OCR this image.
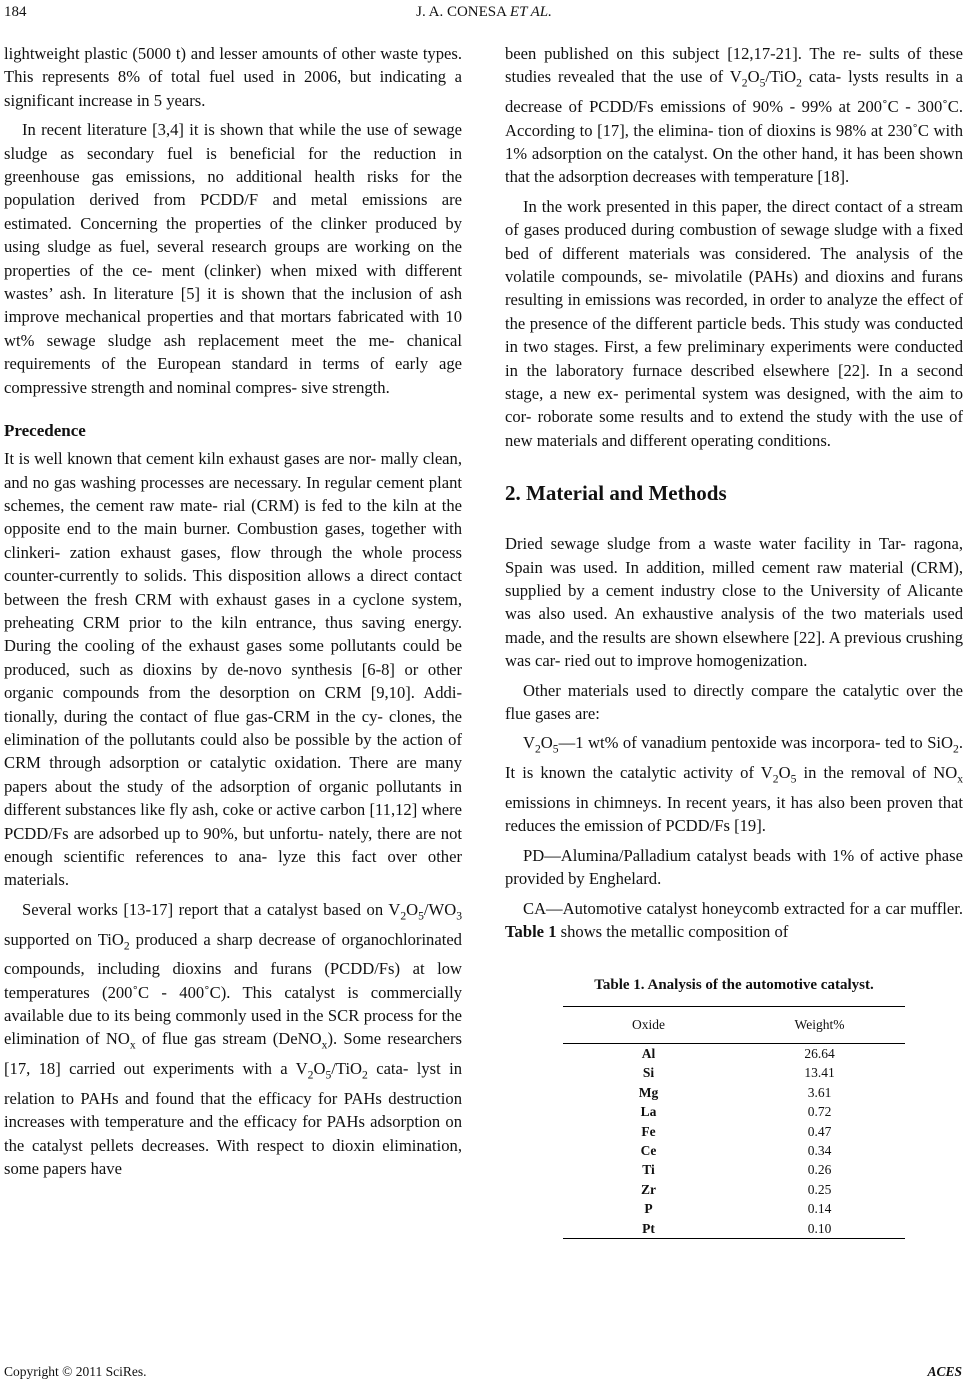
184	J. A. CONESA ET AL.

lightweight plastic (5000 t) and lesser amounts of other waste types. This represents 8% of total fuel used in 2006, but indicating a significant increase in 5 years.

In recent literature [3,4] it is shown that while the use of sewage sludge as secondary fuel is beneficial for the reduction in greenhouse gas emissions, no additional health risks for the population derived from PCDD/F and metal emissions are estimated. Concerning the properties of the clinker produced by using sludge as fuel, several research groups are working on the properties of the ce- ment (clinker) when mixed with different wastes’ ash. In literature [5] it is shown that the inclusion of ash improve mechanical properties and that mortars fabricated with 10 wt% sewage sludge ash replacement meet the me- chanical requirements of the European standard in terms of early age compressive strength and nominal compres- sive strength.

Precedence

It is well known that cement kiln exhaust gases are nor- mally clean, and no gas washing processes are necessary. In regular cement plant schemes, the cement raw mate- rial (CRM) is fed to the kiln at the opposite end to the main burner. Combustion gases, together with clinkeri- zation exhaust gases, flow through the whole process counter-currently to solids. This disposition allows a direct contact between the fresh CRM with exhaust gases in a cyclone system, preheating CRM prior to the kiln entrance, thus saving energy. During the cooling of the exhaust gases some pollutants could be produced, such as dioxins by de-novo synthesis [6-8] or other organic compounds from the desorption on CRM [9,10]. Addi- tionally, during the contact of flue gas-CRM in the cy- clones, the elimination of the pollutants could also be possible by the action of CRM through adsorption or catalytic oxidation. There are many papers about the study of the adsorption of organic pollutants in different substances like fly ash, coke or active carbon [11,12] where PCDD/Fs are adsorbed up to 90%, but unfortu- nately, there are not enough scientific references to ana- lyze this fact over other materials.

Several works [13-17] report that a catalyst based on $V_2O_5/WO_3$ supported on TiO$_2$ produced a sharp decrease of organochlorinated compounds, including dioxins and furans (PCDD/Fs) at low temperatures (200˚C - 400˚C). This catalyst is commercially available due to its being commonly used in the SCR process for the elimination of $NO_x$ of flue gas stream (DeNO$_x$). Some researchers [17, 18] carried out experiments with a $V_2O_5/TiO_2$ cata- lyst in relation to PAHs and found that the efficacy for PAHs destruction increases with temperature and the efficacy for PAHs adsorption on the catalyst pellets decreases. With respect to dioxin elimination, some papers have

been published on this subject [12,17-21]. The re- sults of these studies revealed that the use of $V_2O_5/TiO_2$ cata- lysts results in a decrease of PCDD/Fs emissions of 90% - 99% at 200˚C - 300˚C. According to [17], the elimina- tion of dioxins is 98% at 230˚C with 1% adsorption on the catalyst. On the other hand, it has been shown that the adsorption decreases with temperature [18].

In the work presented in this paper, the direct contact of a stream of gases produced during combustion of sewage sludge with a fixed bed of different materials was considered. The analysis of the volatile compounds, se- mivolatile (PAHs) and dioxins and furans resulting in emissions was recorded, in order to analyze the effect of the presence of the different particle beds. This study was conducted in two stages. First, a few preliminary experiments were conducted in the laboratory furnace described elsewhere [22]. In a second stage, a new ex- perimental system was designed, with the aim to cor- roborate some results and to extend the study with the use of new materials and different operating conditions.

2. Material and Methods

Dried sewage sludge from a waste water facility in Tar- ragona, Spain was used. In addition, milled cement raw material (CRM), supplied by a cement industry close to the University of Alicante was also used. An exhaustive analysis of the two materials used made, and the results are shown elsewhere [22]. A previous crushing was car- ried out to improve homogenization.

Other materials used to directly compare the catalytic over the flue gases are:

$V_2O_5—1$ wt% of vanadium pentoxide was incorpora- ted to SiO$_2$. It is known the catalytic activity of $V_2O_5$ in the removal of $NO_x$ emissions in chimneys. In recent years, it has also been proven that reduces the emission of PCDD/Fs [19].

PD—Alumina/Palladium catalyst beads with 1% of active phase provided by Enghelard.

CA—Automotive catalyst honeycomb extracted for a car muffler. Table 1 shows the metallic composition of

Table 1. Analysis of the automotive catalyst.
Oxide	Weight%
Al	26.64
Si	13.41
Mg	3.61
La	0.72
Fe	0.47
Ce	0.34
Ti	0.26
Zr	0.25
P	0.14
Pt	0.10
Copyright © 2011 SciRes.	ACES
